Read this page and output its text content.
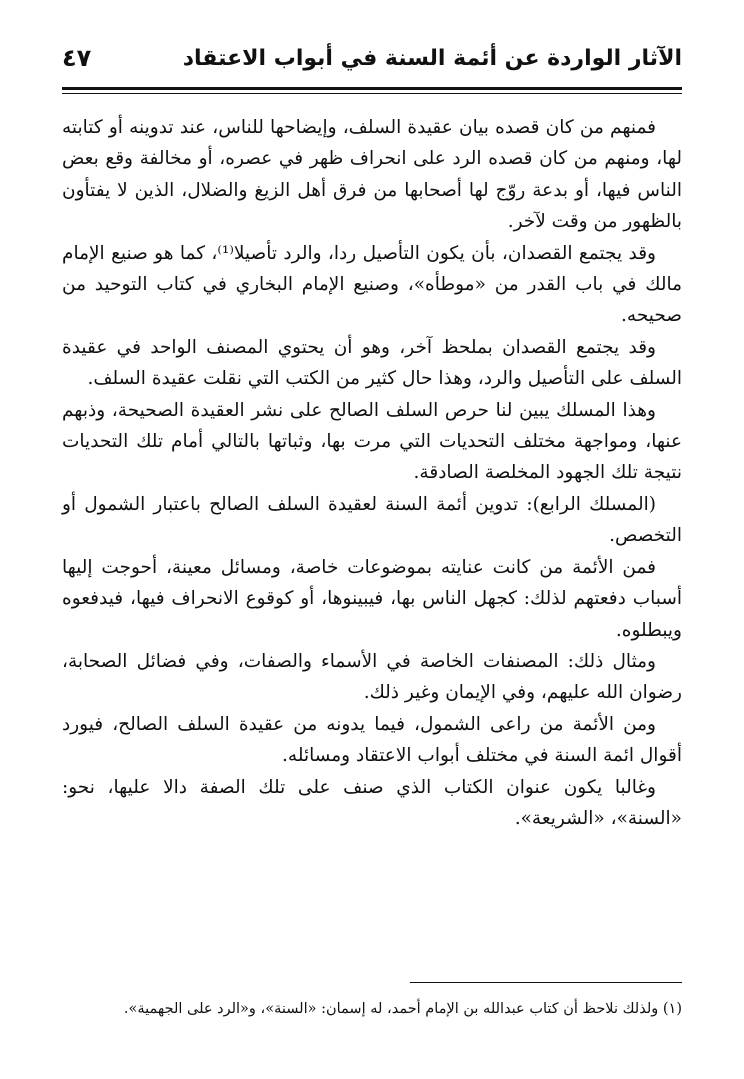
الآثار الواردة عن أئمة السنة في أبواب الاعتقاد
٤٧

فمنهم من كان قصده بيان عقيدة السلف، وإيضاحها للناس، عند تدوينه أو كتابته لها، ومنهم من كان قصده الرد على انحراف ظهر في عصره، أو مخالفة وقع بعض الناس فيها، أو بدعة روّج لها أصحابها من فرق أهل الزيغ والضلال، الذين لا يفتأون بالظهور من وقت لآخر.

وقد يجتمع القصدان، بأن يكون التأصيل ردا، والرد تأصيلا⁽¹⁾، كما هو صنيع الإمام مالك في باب القدر من «موطأه»، وصنيع الإمام البخاري في كتاب التوحيد من صحيحه.

وقد يجتمع القصدان بملحظ آخر، وهو أن يحتوي المصنف الواحد في عقيدة السلف على التأصيل والرد، وهذا حال كثير من الكتب التي نقلت عقيدة السلف.

وهذا المسلك يبين لنا حرص السلف الصالح على نشر العقيدة الصحيحة، وذبهم عنها، ومواجهة مختلف التحديات التي مرت بها، وثباتها بالتالي أمام تلك التحديات نتيجة تلك الجهود المخلصة الصادقة.

(المسلك الرابع): تدوين أئمة السنة لعقيدة السلف الصالح باعتبار الشمول أو التخصص.

فمن الأئمة من كانت عنايته بموضوعات خاصة، ومسائل معينة، أحوجت إليها أسباب دفعتهم لذلك: كجهل الناس بها، فيبينوها، أو كوقوع الانحراف فيها، فيدفعوه ويبطلوه.

ومثال ذلك: المصنفات الخاصة في الأسماء والصفات، وفي فضائل الصحابة، رضوان الله عليهم، وفي الإيمان وغير ذلك.

ومن الأئمة من راعى الشمول، فيما يدونه من عقيدة السلف الصالح، فيورد أقوال ائمة السنة في مختلف أبواب الاعتقاد ومسائله.

وغالبا يكون عنوان الكتاب الذي صنف على تلك الصفة دالا عليها، نحو: «السنة»، «الشريعة».

(١) ولذلك نلاحظ أن كتاب عبدالله بن الإمام أحمد، له إسمان: «السنة»، و«الرد على الجهمية».
